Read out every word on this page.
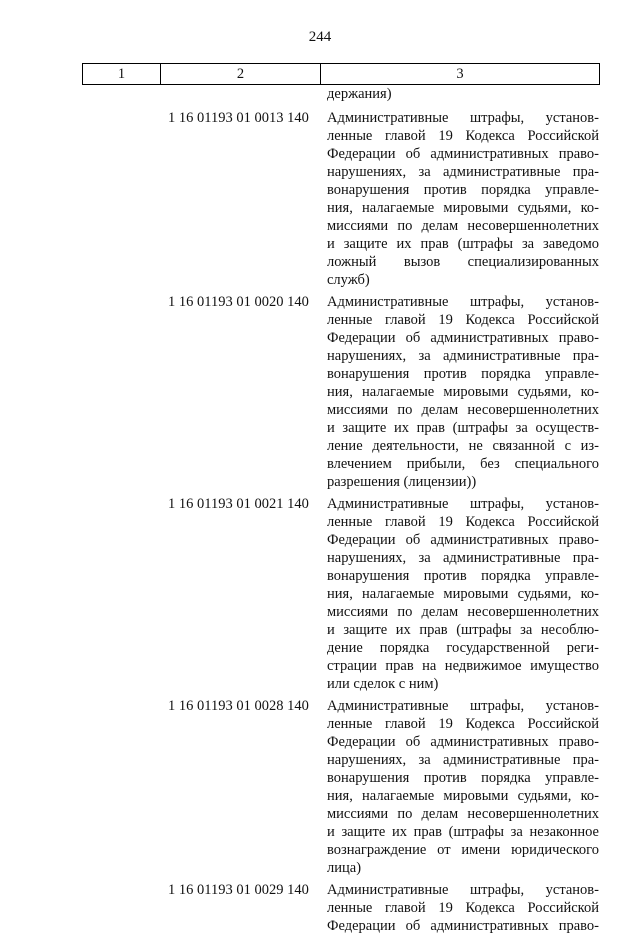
244
1	2	3
держания)
1 16 01193 01 0013 140	Административные штрафы, установ-
ленные главой 19 Кодекса Российской
Федерации об административных право-
нарушениях, за административные пра-
вонарушения против порядка управле-
ния, налагаемые мировыми судьями, ко-
миссиями по делам несовершеннолетних
и защите их прав (штрафы за заведомо
ложный вызов специализированных
служб)
1 16 01193 01 0020 140	Административные штрафы, установ-
ленные главой 19 Кодекса Российской
Федерации об административных право-
нарушениях, за административные пра-
вонарушения против порядка управле-
ния, налагаемые мировыми судьями, ко-
миссиями по делам несовершеннолетних
и защите их прав (штрафы за осуществ-
ление деятельности, не связанной с из-
влечением прибыли, без специального
разрешения (лицензии))
1 16 01193 01 0021 140	Административные штрафы, установ-
ленные главой 19 Кодекса Российской
Федерации об административных право-
нарушениях, за административные пра-
вонарушения против порядка управле-
ния, налагаемые мировыми судьями, ко-
миссиями по делам несовершеннолетних
и защите их прав (штрафы за несоблю-
дение порядка государственной реги-
страции прав на недвижимое имущество
или сделок с ним)
1 16 01193 01 0028 140	Административные штрафы, установ-
ленные главой 19 Кодекса Российской
Федерации об административных право-
нарушениях, за административные пра-
вонарушения против порядка управле-
ния, налагаемые мировыми судьями, ко-
миссиями по делам несовершеннолетних
и защите их прав (штрафы за незаконное
вознаграждение от имени юридического
лица)
1 16 01193 01 0029 140	Административные штрафы, установ-
ленные главой 19 Кодекса Российской
Федерации об административных право-
